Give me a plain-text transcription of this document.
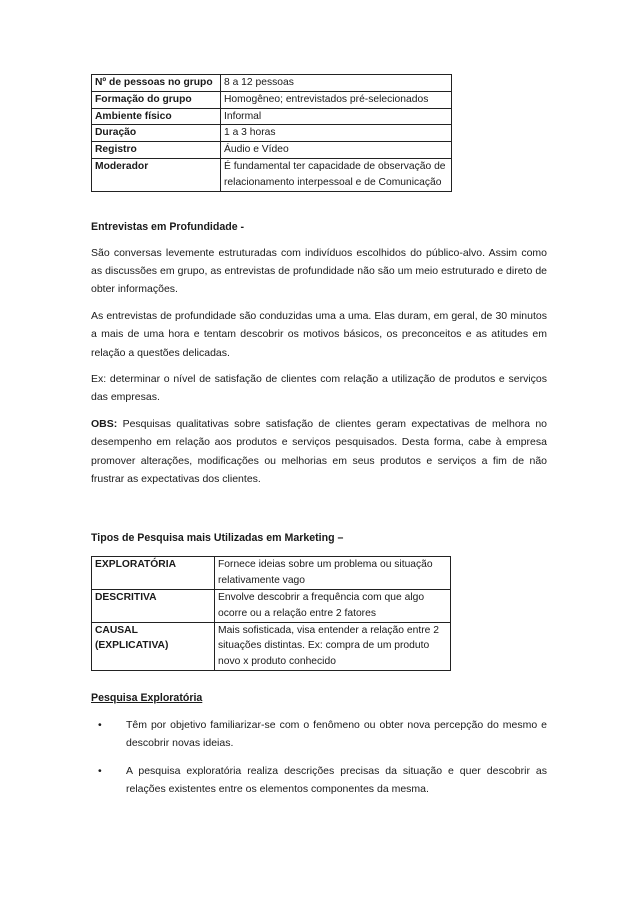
Nº de pessoas no grupo	8 a 12 pessoas
Formação do grupo	Homogêneo; entrevistados pré-selecionados
Ambiente físico	Informal
Duração	1 a 3 horas
Registro	Áudio e Vídeo
Moderador	É fundamental ter capacidade de observação de relacionamento interpessoal e de Comunicação

Entrevistas em Profundidade -

São conversas levemente estruturadas com indivíduos escolhidos do público-alvo. Assim como as discussões em grupo, as entrevistas de profundidade não são um meio estruturado e direto de obter informações.

As entrevistas de profundidade são conduzidas uma a uma. Elas duram, em geral, de 30 minutos a mais de uma hora e tentam descobrir os motivos básicos, os preconceitos e as atitudes em relação a questões delicadas.

Ex: determinar o nível de satisfação de clientes com relação a utilização de produtos e serviços das empresas.

OBS: Pesquisas qualitativas sobre satisfação de clientes geram expectativas de melhora no desempenho em relação aos produtos e serviços pesquisados. Desta forma, cabe à empresa promover alterações, modificações ou melhorias em seus produtos e serviços a fim de não frustrar as expectativas dos clientes.

Tipos de Pesquisa mais Utilizadas em Marketing –

EXPLORATÓRIA	Fornece ideias sobre um problema ou situação relativamente vago
DESCRITIVA	Envolve descobrir a frequência com que algo ocorre ou a relação entre 2 fatores
CAUSAL (EXPLICATIVA)	Mais sofisticada, visa entender a relação entre 2 situações distintas. Ex: compra de um produto novo x produto conhecido

Pesquisa Exploratória

• Têm por objetivo familiarizar-se com o fenômeno ou obter nova percepção do mesmo e descobrir novas ideias.
• A pesquisa exploratória realiza descrições precisas da situação e quer descobrir as relações existentes entre os elementos componentes da mesma.
